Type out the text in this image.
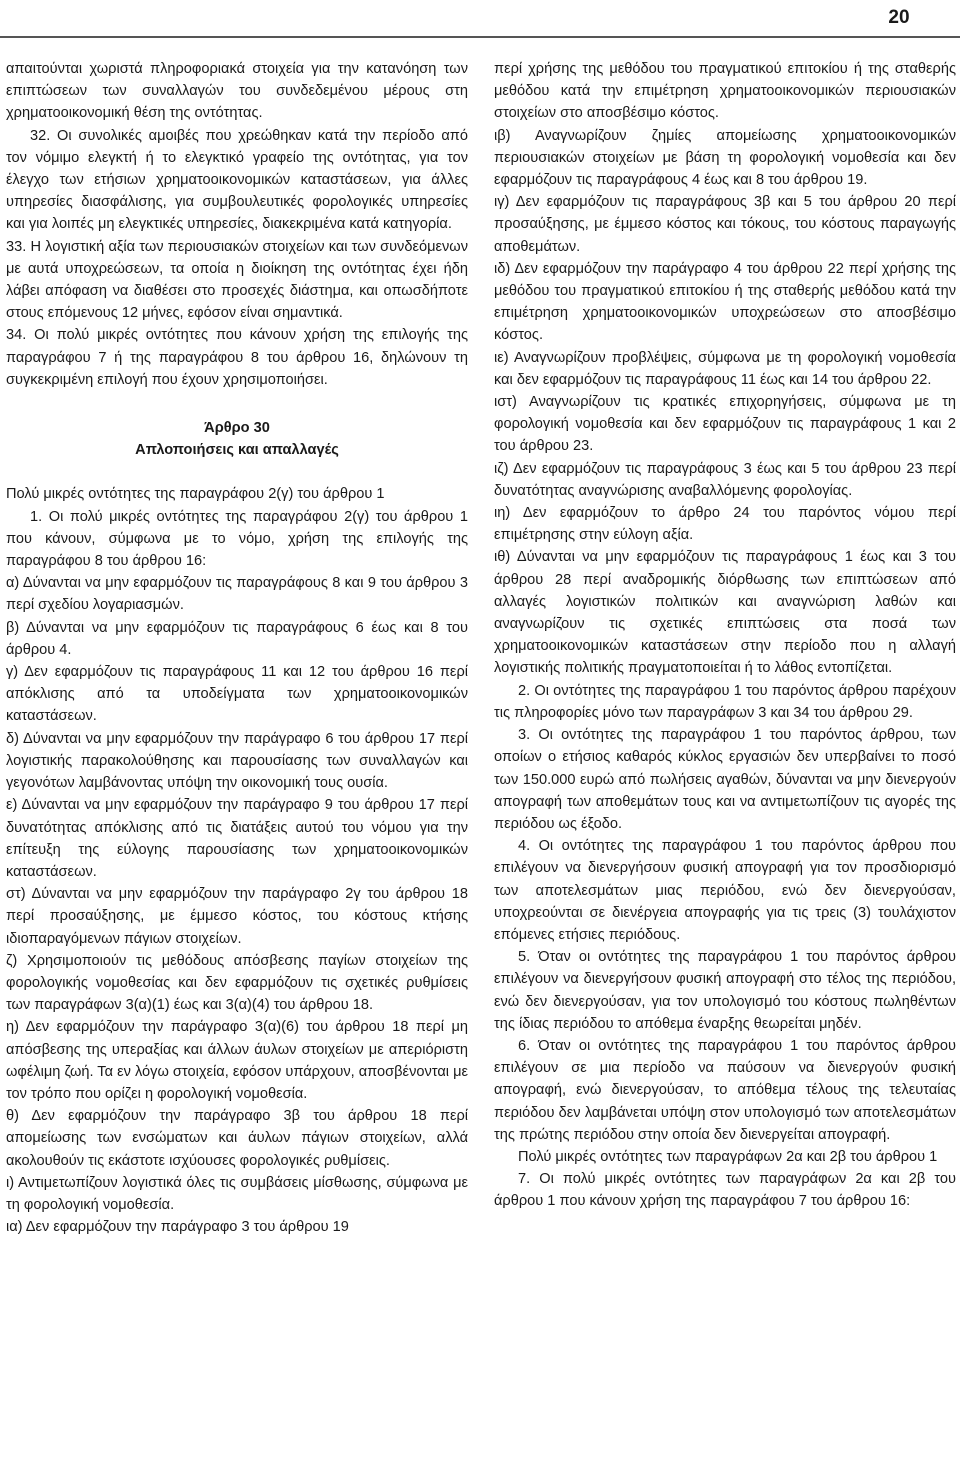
20

απαιτούνται χωριστά πληροφοριακά στοιχεία για την κατανόηση των επιπτώσεων των συναλλαγών του συνδεδεμένου μέρους στη χρηματοοικονομική θέση της οντότητας.

32. Οι συνολικές αμοιβές που χρεώθηκαν κατά την περίοδο από τον νόμιμο ελεγκτή ή το ελεγκτικό γραφείο της οντότητας, για τον έλεγχο των ετήσιων χρηματοοικονομικών καταστάσεων, για άλλες υπηρεσίες διασφάλισης, για συμβουλευτικές φορολογικές υπηρεσίες και για λοιπές μη ελεγκτικές υπηρεσίες, διακεκριμένα κατά κατηγορία.

33. Η λογιστική αξία των περιουσιακών στοιχείων και των συνδεόμενων με αυτά υποχρεώσεων, τα οποία η διοίκηση της οντότητας έχει ήδη λάβει απόφαση να διαθέσει στο προσεχές διάστημα, και οπωσδήποτε στους επόμενους 12 μήνες, εφόσον είναι σημαντικά.

34. Οι πολύ μικρές οντότητες που κάνουν χρήση της επιλογής της παραγράφου 7 ή της παραγράφου 8 του άρθρου 16, δηλώνουν τη συγκεκριμένη επιλογή που έχουν χρησιμοποιήσει.

Άρθρο 30

Απλοποιήσεις και απαλλαγές

Πολύ μικρές οντότητες της παραγράφου 2(γ) του άρθρου 1

1. Οι πολύ μικρές οντότητες της παραγράφου 2(γ) του άρθρου 1 που κάνουν, σύμφωνα με το νόμο, χρήση της επιλογής της παραγράφου 8 του άρθρου 16:

α) Δύνανται να μην εφαρμόζουν τις παραγράφους 8 και 9 του άρθρου 3 περί σχεδίου λογαριασμών.

β) Δύνανται να μην εφαρμόζουν τις παραγράφους 6 έως και 8 του άρθρου 4.

γ) Δεν εφαρμόζουν τις παραγράφους 11 και 12 του άρθρου 16 περί απόκλισης από τα υποδείγματα των χρηματοοικονομικών καταστάσεων.

δ) Δύνανται να μην εφαρμόζουν την παράγραφο 6 του άρθρου 17 περί λογιστικής παρακολούθησης και παρουσίασης των συναλλαγών και γεγονότων λαμβάνοντας υπόψη την οικονομική τους ουσία.

ε) Δύνανται να μην εφαρμόζουν την παράγραφο 9 του άρθρου 17 περί δυνατότητας απόκλισης από τις διατάξεις αυτού του νόμου για την επίτευξη της εύλογης παρουσίασης των χρηματοοικονομικών καταστάσεων.

στ) Δύνανται να μην εφαρμόζουν την παράγραφο 2γ του άρθρου 18 περί προσαύξησης, με έμμεσο κόστος, του κόστους κτήσης ιδιοπαραγόμενων πάγιων στοιχείων.

ζ) Χρησιμοποιούν τις μεθόδους απόσβεσης παγίων στοιχείων της φορολογικής νομοθεσίας και δεν εφαρμόζουν τις σχετικές ρυθμίσεις των παραγράφων 3(α)(1) έως και 3(α)(4) του άρθρου 18.

η) Δεν εφαρμόζουν την παράγραφο 3(α)(6) του άρθρου 18 περί μη απόσβεσης της υπεραξίας και άλλων άυλων στοιχείων με απεριόριστη ωφέλιμη ζωή. Τα εν λόγω στοιχεία, εφόσον υπάρχουν, αποσβένονται με τον τρόπο που ορίζει η φορολογική νομοθεσία.

θ) Δεν εφαρμόζουν την παράγραφο 3β του άρθρου 18 περί απομείωσης των ενσώματων και άυλων πάγιων στοιχείων, αλλά ακολουθούν τις εκάστοτε ισχύουσες φορολογικές ρυθμίσεις.

ι) Αντιμετωπίζουν λογιστικά όλες τις συμβάσεις μίσθωσης, σύμφωνα με τη φορολογική νομοθεσία.

ια) Δεν εφαρμόζουν την παράγραφο 3 του άρθρου 19

περί χρήσης της μεθόδου του πραγματικού επιτοκίου ή της σταθερής μεθόδου κατά την επιμέτρηση χρηματοοικονομικών περιουσιακών στοιχείων στο αποσβέσιμο κόστος.

ιβ) Αναγνωρίζουν ζημίες απομείωσης χρηματοοικονομικών περιουσιακών στοιχείων με βάση τη φορολογική νομοθεσία και δεν εφαρμόζουν τις παραγράφους 4 έως και 8 του άρθρου 19.

ιγ) Δεν εφαρμόζουν τις παραγράφους 3β και 5 του άρθρου 20 περί προσαύξησης, με έμμεσο κόστος και τόκους, του κόστους παραγωγής αποθεμάτων.

ιδ) Δεν εφαρμόζουν την παράγραφο 4 του άρθρου 22 περί χρήσης της μεθόδου του πραγματικού επιτοκίου ή της σταθερής μεθόδου κατά την επιμέτρηση χρηματοοικονομικών υποχρεώσεων στο αποσβέσιμο κόστος.

ιε) Αναγνωρίζουν προβλέψεις, σύμφωνα με τη φορολογική νομοθεσία και δεν εφαρμόζουν τις παραγράφους 11 έως και 14 του άρθρου 22.

ιστ) Αναγνωρίζουν τις κρατικές επιχορηγήσεις, σύμφωνα με τη φορολογική νομοθεσία και δεν εφαρμόζουν τις παραγράφους 1 και 2 του άρθρου 23.

ιζ) Δεν εφαρμόζουν τις παραγράφους 3 έως και 5 του άρθρου 23 περί δυνατότητας αναγνώρισης αναβαλλόμενης φορολογίας.

ιη) Δεν εφαρμόζουν το άρθρο 24 του παρόντος νόμου περί επιμέτρησης στην εύλογη αξία.

ιθ) Δύνανται να μην εφαρμόζουν τις παραγράφους 1 έως και 3 του άρθρου 28 περί αναδρομικής διόρθωσης των επιπτώσεων από αλλαγές λογιστικών πολιτικών και αναγνώριση λαθών και αναγνωρίζουν τις σχετικές επιπτώσεις στα ποσά των χρηματοοικονομικών καταστάσεων στην περίοδο που η αλλαγή λογιστικής πολιτικής πραγματοποιείται ή το λάθος εντοπίζεται.

2. Οι οντότητες της παραγράφου 1 του παρόντος άρθρου παρέχουν τις πληροφορίες μόνο των παραγράφων 3 και 34 του άρθρου 29.

3. Οι οντότητες της παραγράφου 1 του παρόντος άρθρου, των οποίων ο ετήσιος καθαρός κύκλος εργασιών δεν υπερβαίνει το ποσό των 150.000 ευρώ από πωλήσεις αγαθών, δύνανται να μην διενεργούν απογραφή των αποθεμάτων τους και να αντιμετωπίζουν τις αγορές της περιόδου ως έξοδο.

4. Οι οντότητες της παραγράφου 1 του παρόντος άρθρου που επιλέγουν να διενεργήσουν φυσική απογραφή για τον προσδιορισμό των αποτελεσμάτων μιας περιόδου, ενώ δεν διενεργούσαν, υποχρεούνται σε διενέργεια απογραφής για τις τρεις (3) τουλάχιστον επόμενες ετήσιες περιόδους.

5. Όταν οι οντότητες της παραγράφου 1 του παρόντος άρθρου επιλέγουν να διενεργήσουν φυσική απογραφή στο τέλος της περιόδου, ενώ δεν διενεργούσαν, για τον υπολογισμό του κόστους πωληθέντων της ίδιας περιόδου το απόθεμα έναρξης θεωρείται μηδέν.

6. Όταν οι οντότητες της παραγράφου 1 του παρόντος άρθρου επιλέγουν σε μια περίοδο να παύσουν να διενεργούν φυσική απογραφή, ενώ διενεργούσαν, το απόθεμα τέλους της τελευταίας περιόδου δεν λαμβάνεται υπόψη στον υπολογισμό των αποτελεσμάτων της πρώτης περιόδου στην οποία δεν διενεργείται απογραφή.

Πολύ μικρές οντότητες των παραγράφων 2α και 2β του άρθρου 1

7. Οι πολύ μικρές οντότητες των παραγράφων 2α και 2β του άρθρου 1 που κάνουν χρήση της παραγράφου 7 του άρθρου 16:
